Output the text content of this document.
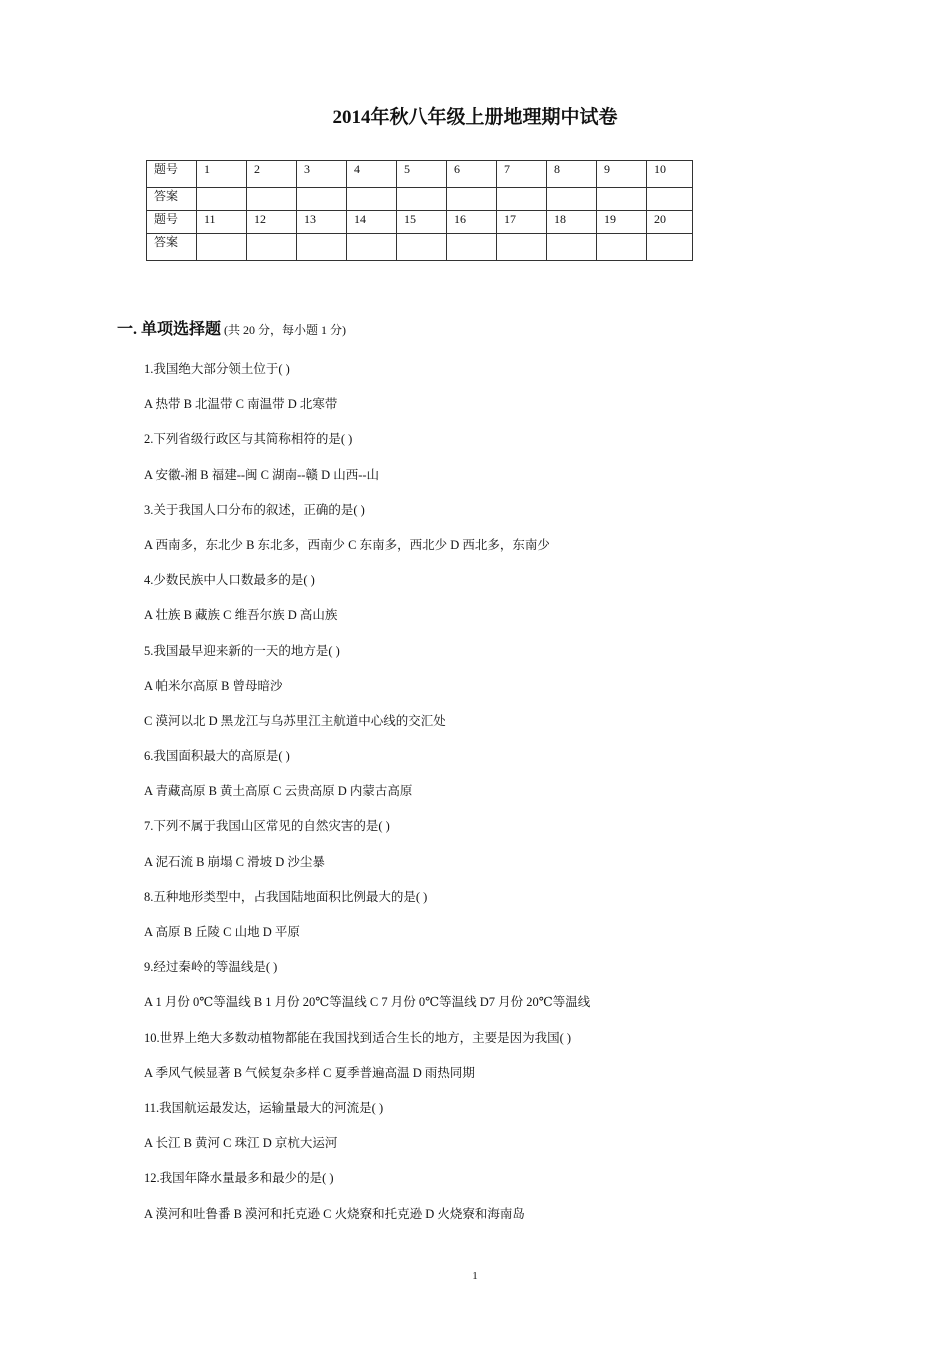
2014年秋八年级上册地理期中试卷
题号	1	2	3	4	5	6	7	8	9	10
答案										
题号	11	12	13	14	15	16	17	18	19	20
答案										
一. 单项选择题 (共 20 分，每小题 1 分)
1.我国绝大部分领土位于( )
A 热带 B 北温带 C 南温带 D 北寒带
2.下列省级行政区与其简称相符的是( )
A 安徽-湘 B 福建--闽 C 湖南--赣 D 山西--山
3.关于我国人口分布的叙述，正确的是( )
A 西南多，东北少 B 东北多，西南少 C 东南多，西北少 D 西北多，东南少
4.少数民族中人口数最多的是( )
A 壮族 B 藏族 C 维吾尔族 D 高山族
5.我国最早迎来新的一天的地方是( )
A 帕米尔高原 B 曾母暗沙
C 漠河以北 D 黑龙江与乌苏里江主航道中心线的交汇处
6.我国面积最大的高原是( )
A 青藏高原 B 黄土高原 C 云贵高原 D 内蒙古高原
7.下列不属于我国山区常见的自然灾害的是( )
A 泥石流 B 崩塌 C 滑坡 D 沙尘暴
8.五种地形类型中，占我国陆地面积比例最大的是( )
A 高原 B 丘陵 C 山地 D 平原
9.经过秦岭的等温线是( )
A 1 月份 0℃等温线 B 1 月份 20℃等温线 C 7 月份 0℃等温线 D7 月份 20℃等温线
10.世界上绝大多数动植物都能在我国找到适合生长的地方，主要是因为我国( )
A 季风气候显著 B 气候复杂多样 C 夏季普遍高温 D 雨热同期
11.我国航运最发达，运输量最大的河流是( )
A 长江 B 黄河 C 珠江 D 京杭大运河
12.我国年降水量最多和最少的是( )
A 漠河和吐鲁番 B 漠河和托克逊 C 火烧寮和托克逊 D 火烧寮和海南岛
1
